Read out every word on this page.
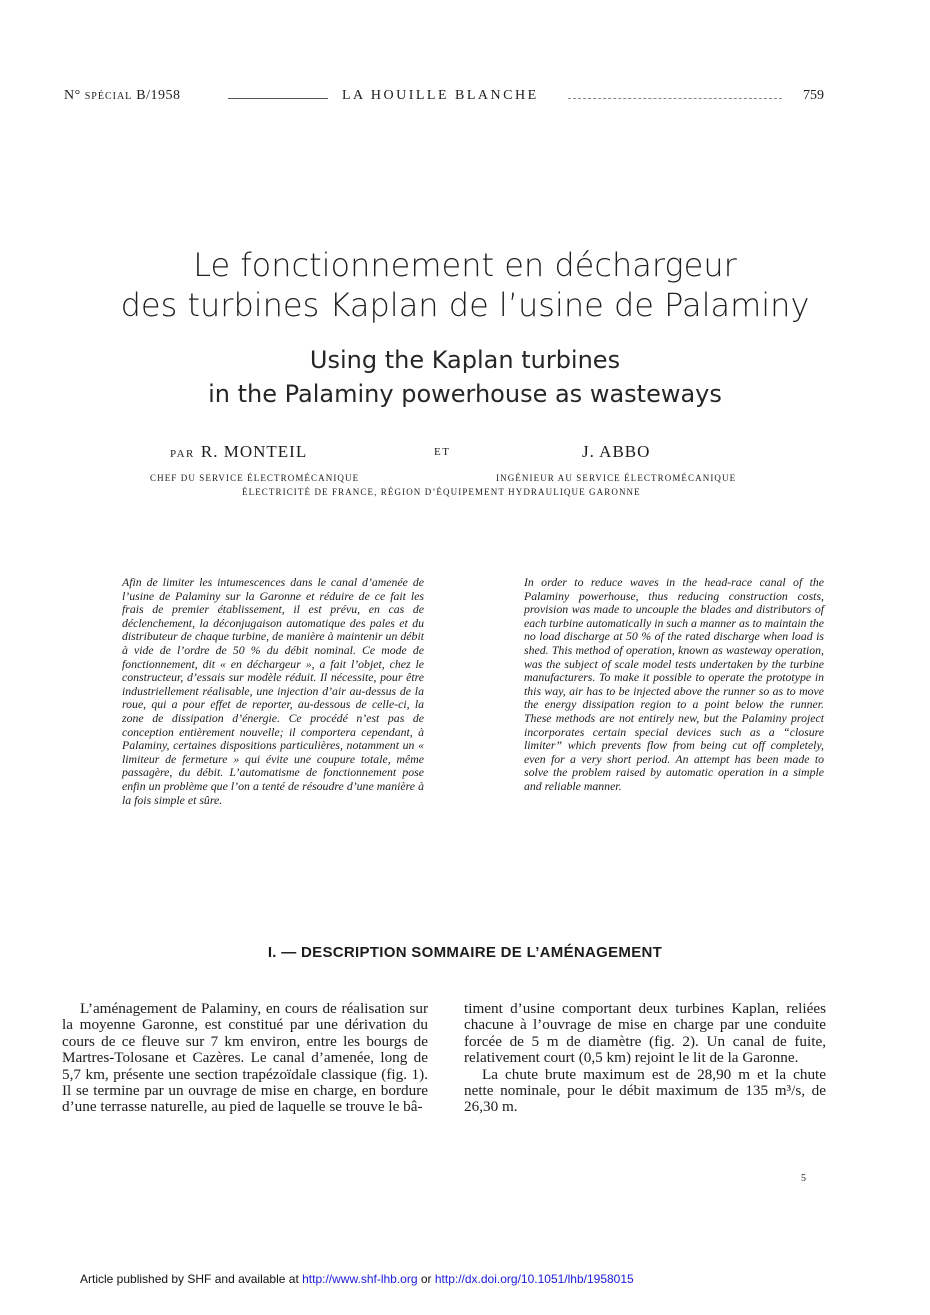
N° SPÉCIAL B/1958	LA HOUILLE BLANCHE	759
Le fonctionnement en déchargeur
des turbines Kaplan de l’usine de Palaminy
Using the Kaplan turbines
in the Palaminy powerhouse as wasteways
PAR R. MONTEIL	ET	J. ABBO
CHEF DU SERVICE ÉLECTROMÉCANIQUE	INGÉNIEUR AU SERVICE ÉLECTROMÉCANIQUE
ÉLECTRICITÉ DE FRANCE, RÉGION D’ÉQUIPEMENT HYDRAULIQUE GARONNE
Afin de limiter les intumescences dans le canal d’amenée de l’usine de Palaminy sur la Garonne et réduire de ce fait les frais de premier établissement, il est prévu, en cas de déclenchement, la déconjugaison automatique des pales et du distributeur de chaque turbine, de manière à maintenir un débit à vide de l’ordre de 50 % du débit nominal. Ce mode de fonctionnement, dit « en déchargeur », a fait l’objet, chez le constructeur, d’essais sur modèle réduit. Il nécessite, pour être industriellement réalisable, une injection d’air au-dessus de la roue, qui a pour effet de reporter, au-dessous de celle-ci, la zone de dissipation d’énergie. Ce procédé n’est pas de conception entièrement nouvelle; il comportera cependant, à Palaminy, certaines dispositions particulières, notamment un « limiteur de fermeture » qui évite une coupure totale, même passagère, du débit. L’automatisme de fonctionnement pose enfin un problème que l’on a tenté de résoudre d’une manière à la fois simple et sûre.
In order to reduce waves in the head-race canal of the Palaminy powerhouse, thus reducing construction costs, provision was made to uncouple the blades and distributors of each turbine automatically in such a manner as to maintain the no load discharge at 50 % of the rated discharge when load is shed. This method of operation, known as wasteway operation, was the subject of scale model tests undertaken by the turbine manufacturers. To make it possible to operate the prototype in this way, air has to be injected above the runner so as to move the energy dissipation region to a point below the runner. These methods are not entirely new, but the Palaminy project incorporates certain special devices such as a “closure limiter” which prevents flow from being cut off completely, even for a very short period. An attempt has been made to solve the problem raised by automatic operation in a simple and reliable manner.
I. — DESCRIPTION SOMMAIRE DE L’AMÉNAGEMENT

L’aménagement de Palaminy, en cours de réalisation sur la moyenne Garonne, est constitué par une dérivation du cours de ce fleuve sur 7 km environ, entre les bourgs de Martres-Tolosane et Cazères. Le canal d’amenée, long de 5,7 km, présente une section trapézoïdale classique (fig. 1). Il se termine par un ouvrage de mise en charge, en bordure d’une terrasse naturelle, au pied de laquelle se trouve le bâ-

timent d’usine comportant deux turbines Kaplan, reliées chacune à l’ouvrage de mise en charge par une conduite forcée de 5 m de diamètre (fig. 2). Un canal de fuite, relativement court (0,5 km) rejoint le lit de la Garonne.

La chute brute maximum est de 28,90 m et la chute nette nominale, pour le débit maximum de 135 m³/s, de 26,30 m.

5
Article published by SHF and available at http://www.shf-lhb.org or http://dx.doi.org/10.1051/lhb/1958015
